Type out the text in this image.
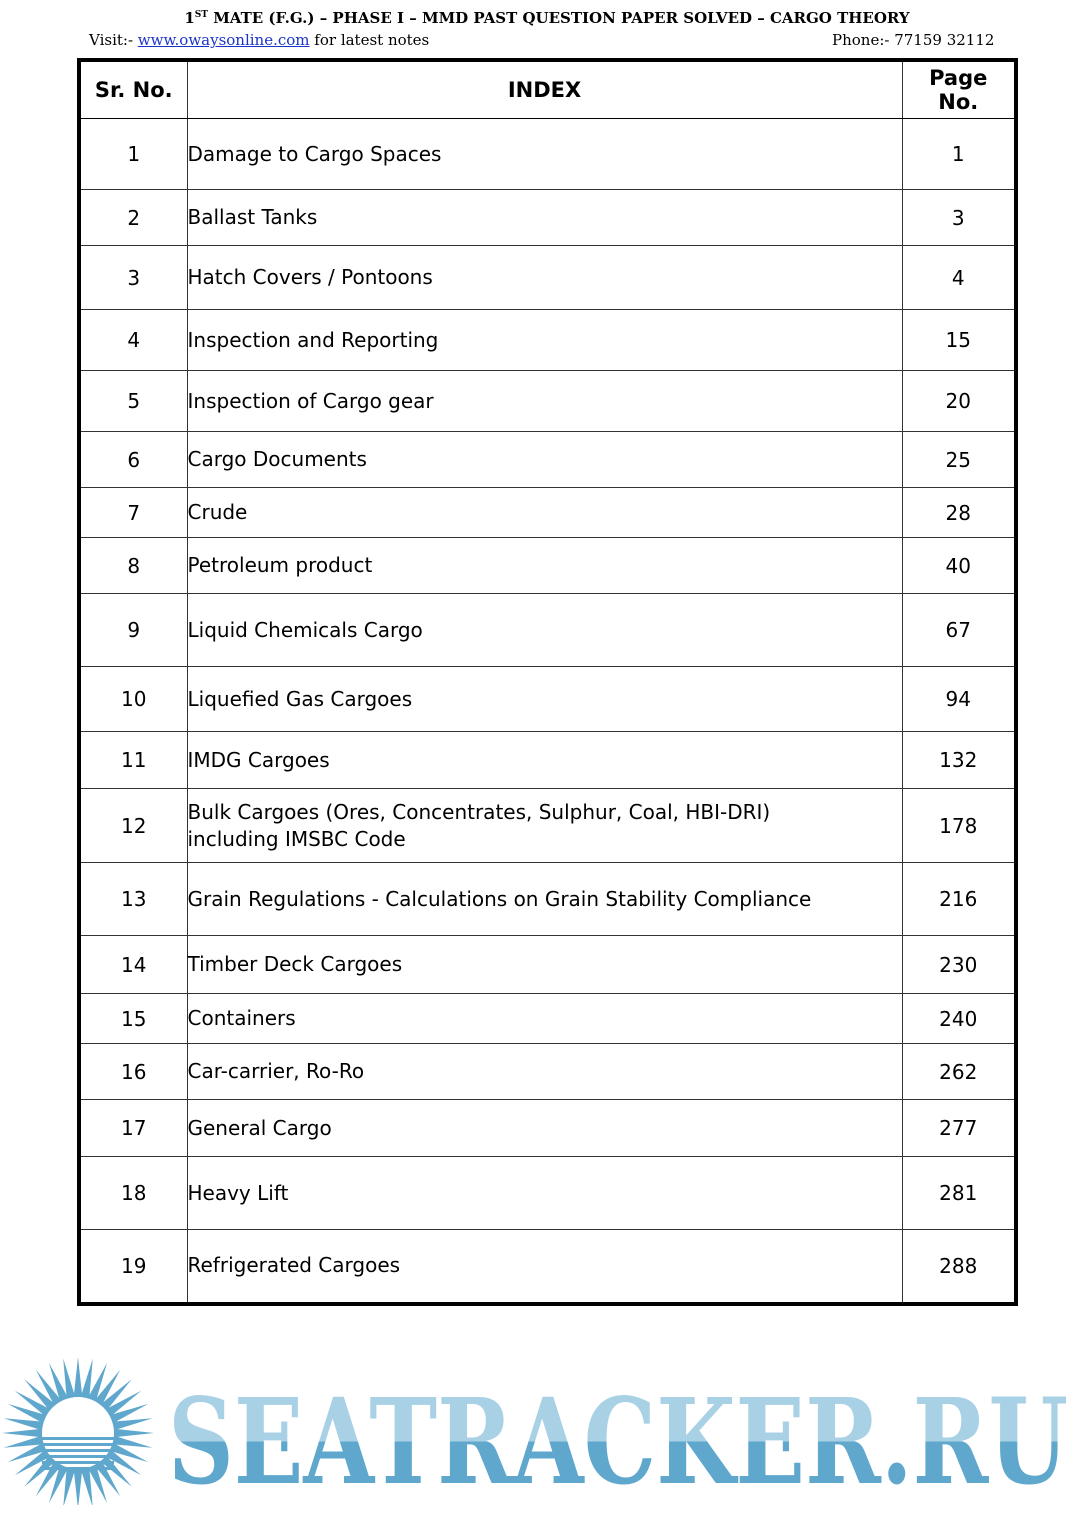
1ST MATE (F.G.) – PHASE I – MMD PAST QUESTION PAPER SOLVED – CARGO THEORY
Visit:- www.owaysonline.com for latest notes	Phone:- 77159 32112
Sr. No.	INDEX	Page
No.
1	Damage to Cargo Spaces	1
2	Ballast Tanks	3
3	Hatch Covers / Pontoons	4
4	Inspection and Reporting	15
5	Inspection of Cargo gear	20
6	Cargo Documents	25
7	Crude	28
8	Petroleum product	40
9	Liquid Chemicals Cargo	67
10	Liquefied Gas Cargoes	94
11	IMDG Cargoes	132
12	Bulk Cargoes (Ores, Concentrates, Sulphur, Coal, HBI-DRI)
including IMSBC Code	178
13	Grain Regulations - Calculations on Grain Stability Compliance	216
14	Timber Deck Cargoes	230
15	Containers	240
16	Car-carrier, Ro-Ro	262
17	General Cargo	277
18	Heavy Lift	281
19	Refrigerated Cargoes	288
SEATRACKER.RU
